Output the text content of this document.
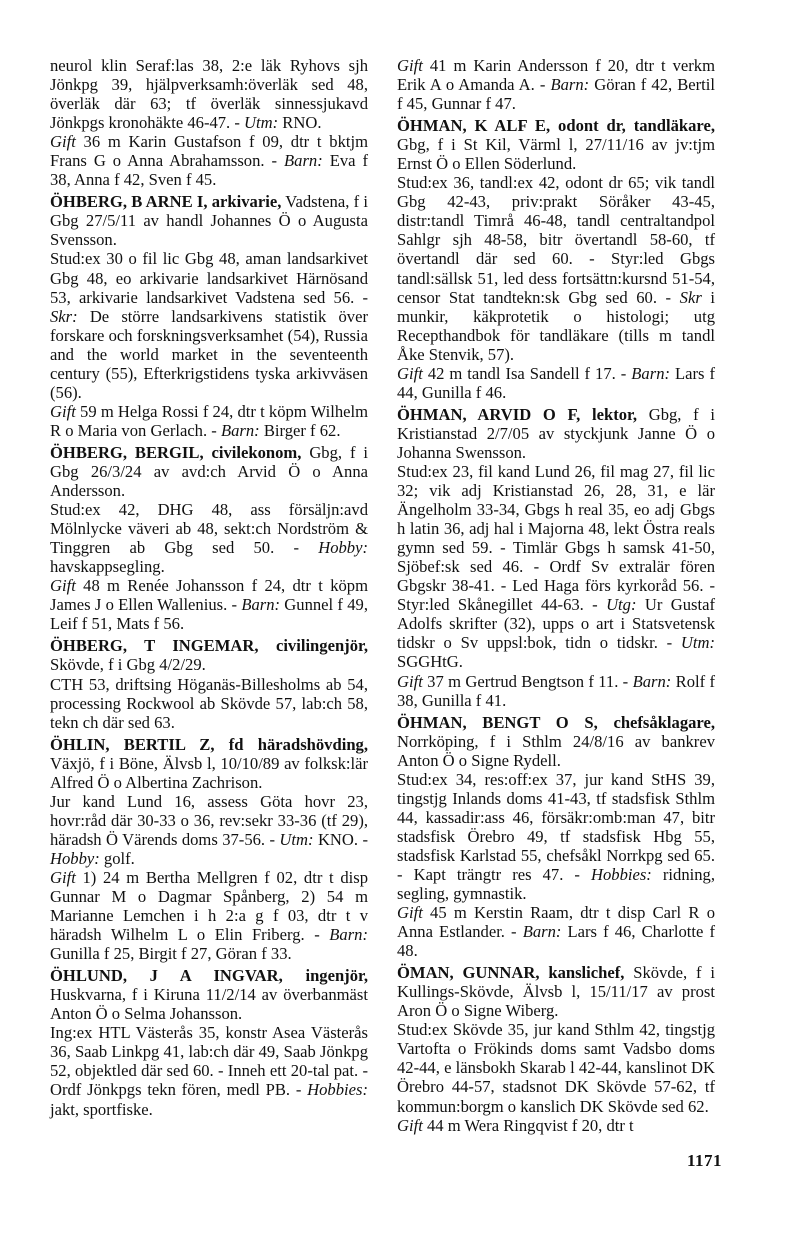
neurol klin Seraf:las 38, 2:e läk Ryhovs sjh Jönkpg 39, hjälpverksamh:överläk sed 48, överläk där 63; tf överläk sinnessjukavd Jönkpgs kronohäkte 46-47. - Utm: RNO.

Gift 36 m Karin Gustafson f 09, dtr t bktjm Frans G o Anna Abrahamsson. - Barn: Eva f 38, Anna f 42, Sven f 45.

ÖHBERG, B ARNE I, arkivarie, Vadstena, f i Gbg 27/5/11 av handl Johannes Ö o Augusta Svensson.

Stud:ex 30 o fil lic Gbg 48, aman landsarkivet Gbg 48, eo arkivarie landsarkivet Härnösand 53, arkivarie landsarkivet Vadstena sed 56. - Skr: De större landsarkivens statistik över forskare och forskningsverksamhet (54), Russia and the world market in the seventeenth century (55), Efterkrigstidens tyska arkivväsen (56).

Gift 59 m Helga Rossi f 24, dtr t köpm Wilhelm R o Maria von Gerlach. - Barn: Birger f 62.

ÖHBERG, BERGIL, civilekonom, Gbg, f i Gbg 26/3/24 av avd:ch Arvid Ö o Anna Andersson.

Stud:ex 42, DHG 48, ass försäljn:avd Mölnlycke väveri ab 48, sekt:ch Nordström & Tinggren ab Gbg sed 50. - Hobby: havskappsegling.

Gift 48 m Renée Johansson f 24, dtr t köpm James J o Ellen Wallenius. - Barn: Gunnel f 49, Leif f 51, Mats f 56.

ÖHBERG, T INGEMAR, civilingenjör, Skövde, f i Gbg 4/2/29.

CTH 53, driftsing Höganäs-Billesholms ab 54, processing Rockwool ab Skövde 57, lab:ch 58, tekn ch där sed 63.

ÖHLIN, BERTIL Z, fd häradshövding, Växjö, f i Böne, Älvsb l, 10/10/89 av folksk:lär Alfred Ö o Albertina Zachrison.

Jur kand Lund 16, assess Göta hovr 23, hovr:råd där 30-33 o 36, rev:sekr 33-36 (tf 29), häradsh Ö Värends doms 37-56. - Utm: KNO. - Hobby: golf.

Gift 1) 24 m Bertha Mellgren f 02, dtr t disp Gunnar M o Dagmar Spånberg, 2) 54 m Marianne Lemchen i h 2:a g f 03, dtr t v häradsh Wilhelm L o Elin Friberg. - Barn: Gunilla f 25, Birgit f 27, Göran f 33.

ÖHLUND, J A INGVAR, ingenjör, Huskvarna, f i Kiruna 11/2/14 av överbanmäst Anton Ö o Selma Johansson.

Ing:ex HTL Västerås 35, konstr Asea Västerås 36, Saab Linkpg 41, lab:ch där 49, Saab Jönkpg 52, objektled där sed 60. - Inneh ett 20-tal pat. - Ordf Jönkpgs tekn fören, medl PB. - Hobbies: jakt, sportfiske.

Gift 41 m Karin Andersson f 20, dtr t verkm Erik A o Amanda A. - Barn: Göran f 42, Bertil f 45, Gunnar f 47.

ÖHMAN, K ALF E, odont dr, tandläkare, Gbg, f i St Kil, Värml l, 27/11/16 av jv:tjm Ernst Ö o Ellen Söderlund.

Stud:ex 36, tandl:ex 42, odont dr 65; vik tandl Gbg 42-43, priv:prakt Söråker 43-45, distr:tandl Timrå 46-48, tandl centraltandpol Sahlgr sjh 48-58, bitr övertandl 58-60, tf övertandl där sed 60. - Styr:led Gbgs tandl:sällsk 51, led dess fortsättn:kursnd 51-54, censor Stat tandtekn:sk Gbg sed 60. - Skr i munkir, käkprotetik o histologi; utg Recepthandbok för tandläkare (tills m tandl Åke Stenvik, 57).

Gift 42 m tandl Isa Sandell f 17. - Barn: Lars f 44, Gunilla f 46.

ÖHMAN, ARVID O F, lektor, Gbg, f i Kristianstad 2/7/05 av styckjunk Janne Ö o Johanna Swensson.

Stud:ex 23, fil kand Lund 26, fil mag 27, fil lic 32; vik adj Kristianstad 26, 28, 31, e lär Ängelholm 33-34, Gbgs h real 35, eo adj Gbgs h latin 36, adj hal i Majorna 48, lekt Östra reals gymn sed 59. - Timlär Gbgs h samsk 41-50, Sjöbef:sk sed 46. - Ordf Sv extralär fören Gbgskr 38-41. - Led Haga förs kyrkoråd 56. - Styr:led Skånegillet 44-63. - Utg: Ur Gustaf Adolfs skrifter (32), upps o art i Statsvetensk tidskr o Sv uppsl:bok, tidn o tidskr. - Utm: SGGHtG.

Gift 37 m Gertrud Bengtson f 11. - Barn: Rolf f 38, Gunilla f 41.

ÖHMAN, BENGT O S, chefsåklagare, Norrköping, f i Sthlm 24/8/16 av bankrev Anton Ö o Signe Rydell.

Stud:ex 34, res:off:ex 37, jur kand StHS 39, tingstjg Inlands doms 41-43, tf stadsfisk Sthlm 44, kassadir:ass 46, försäkr:omb:man 47, bitr stadsfisk Örebro 49, tf stadsfisk Hbg 55, stadsfisk Karlstad 55, chefsåkl Norrkpg sed 65. - Kapt trängtr res 47. - Hobbies: ridning, segling, gymnastik.

Gift 45 m Kerstin Raam, dtr t disp Carl R o Anna Estlander. - Barn: Lars f 46, Charlotte f 48.

ÖMAN, GUNNAR, kanslichef, Skövde, f i Kullings-Skövde, Älvsb l, 15/11/17 av prost Aron Ö o Signe Wiberg.

Stud:ex Skövde 35, jur kand Sthlm 42, tingstjg Vartofta o Frökinds doms samt Vadsbo doms 42-44, e länsbokh Skarab l 42-44, kanslinot DK Örebro 44-57, stadsnot DK Skövde 57-62, tf kommun:borgm o kanslich DK Skövde sed 62.

Gift 44 m Wera Ringqvist f 20, dtr t

1171
